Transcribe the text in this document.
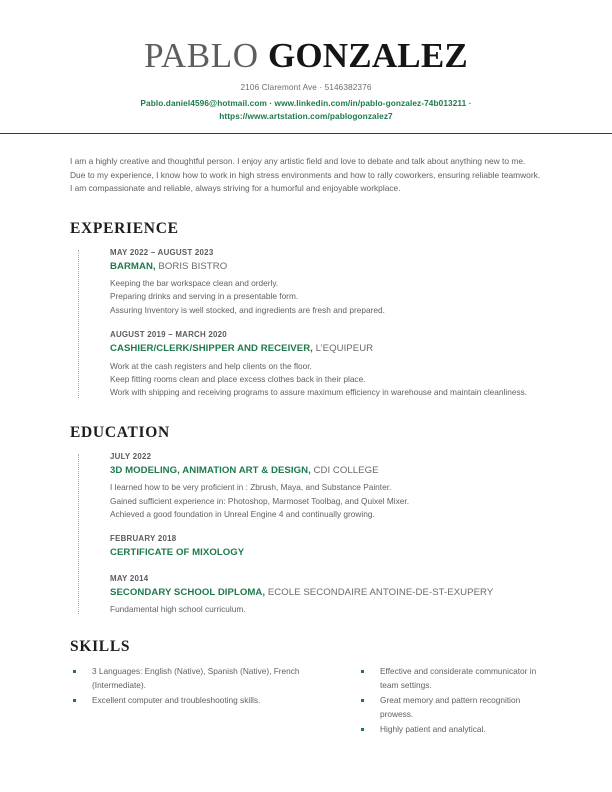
PABLO GONZALEZ
2106 Claremont Ave · 5146382376
Pablo.daniel4596@hotmail.com · www.linkedin.com/in/pablo-gonzalez-74b013211 · https://www.artstation.com/pablogonzalez7
I am a highly creative and thoughtful person. I enjoy any artistic field and love to debate and talk about anything new to me. Due to my experience, I know how to work in high stress environments and how to rally coworkers, ensuring reliable teamwork. I am compassionate and reliable, always striving for a humorful and enjoyable workplace.
EXPERIENCE
MAY 2022 – AUGUST 2023
BARMAN, BORIS BISTRO
Keeping the bar workspace clean and orderly.
Preparing drinks and serving in a presentable form.
Assuring Inventory is well stocked, and ingredients are fresh and prepared.
AUGUST 2019 – MARCH 2020
CASHIER/CLERK/SHIPPER AND RECEIVER, L’EQUIPEUR
Work at the cash registers and help clients on the floor.
Keep fitting rooms clean and place excess clothes back in their place.
Work with shipping and receiving programs to assure maximum efficiency in warehouse and maintain cleanliness.
EDUCATION
JULY 2022
3D MODELING, ANIMATION ART & DESIGN, CDI COLLEGE
I learned how to be very proficient in : Zbrush, Maya, and Substance Painter.
Gained sufficient experience in: Photoshop, Marmoset Toolbag, and Quixel Mixer.
Achieved a good foundation in Unreal Engine 4 and continually growing.
FEBRUARY 2018
CERTIFICATE OF MIXOLOGY
MAY 2014
SECONDARY SCHOOL DIPLOMA, ECOLE SECONDAIRE ANTOINE-DE-ST-EXUPERY
Fundamental high school curriculum.
SKILLS
3 Languages: English (Native), Spanish (Native), French (Intermediate).
Excellent computer and troubleshooting skills.
Effective and considerate communicator in team settings.
Great memory and pattern recognition prowess.
Highly patient and analytical.
